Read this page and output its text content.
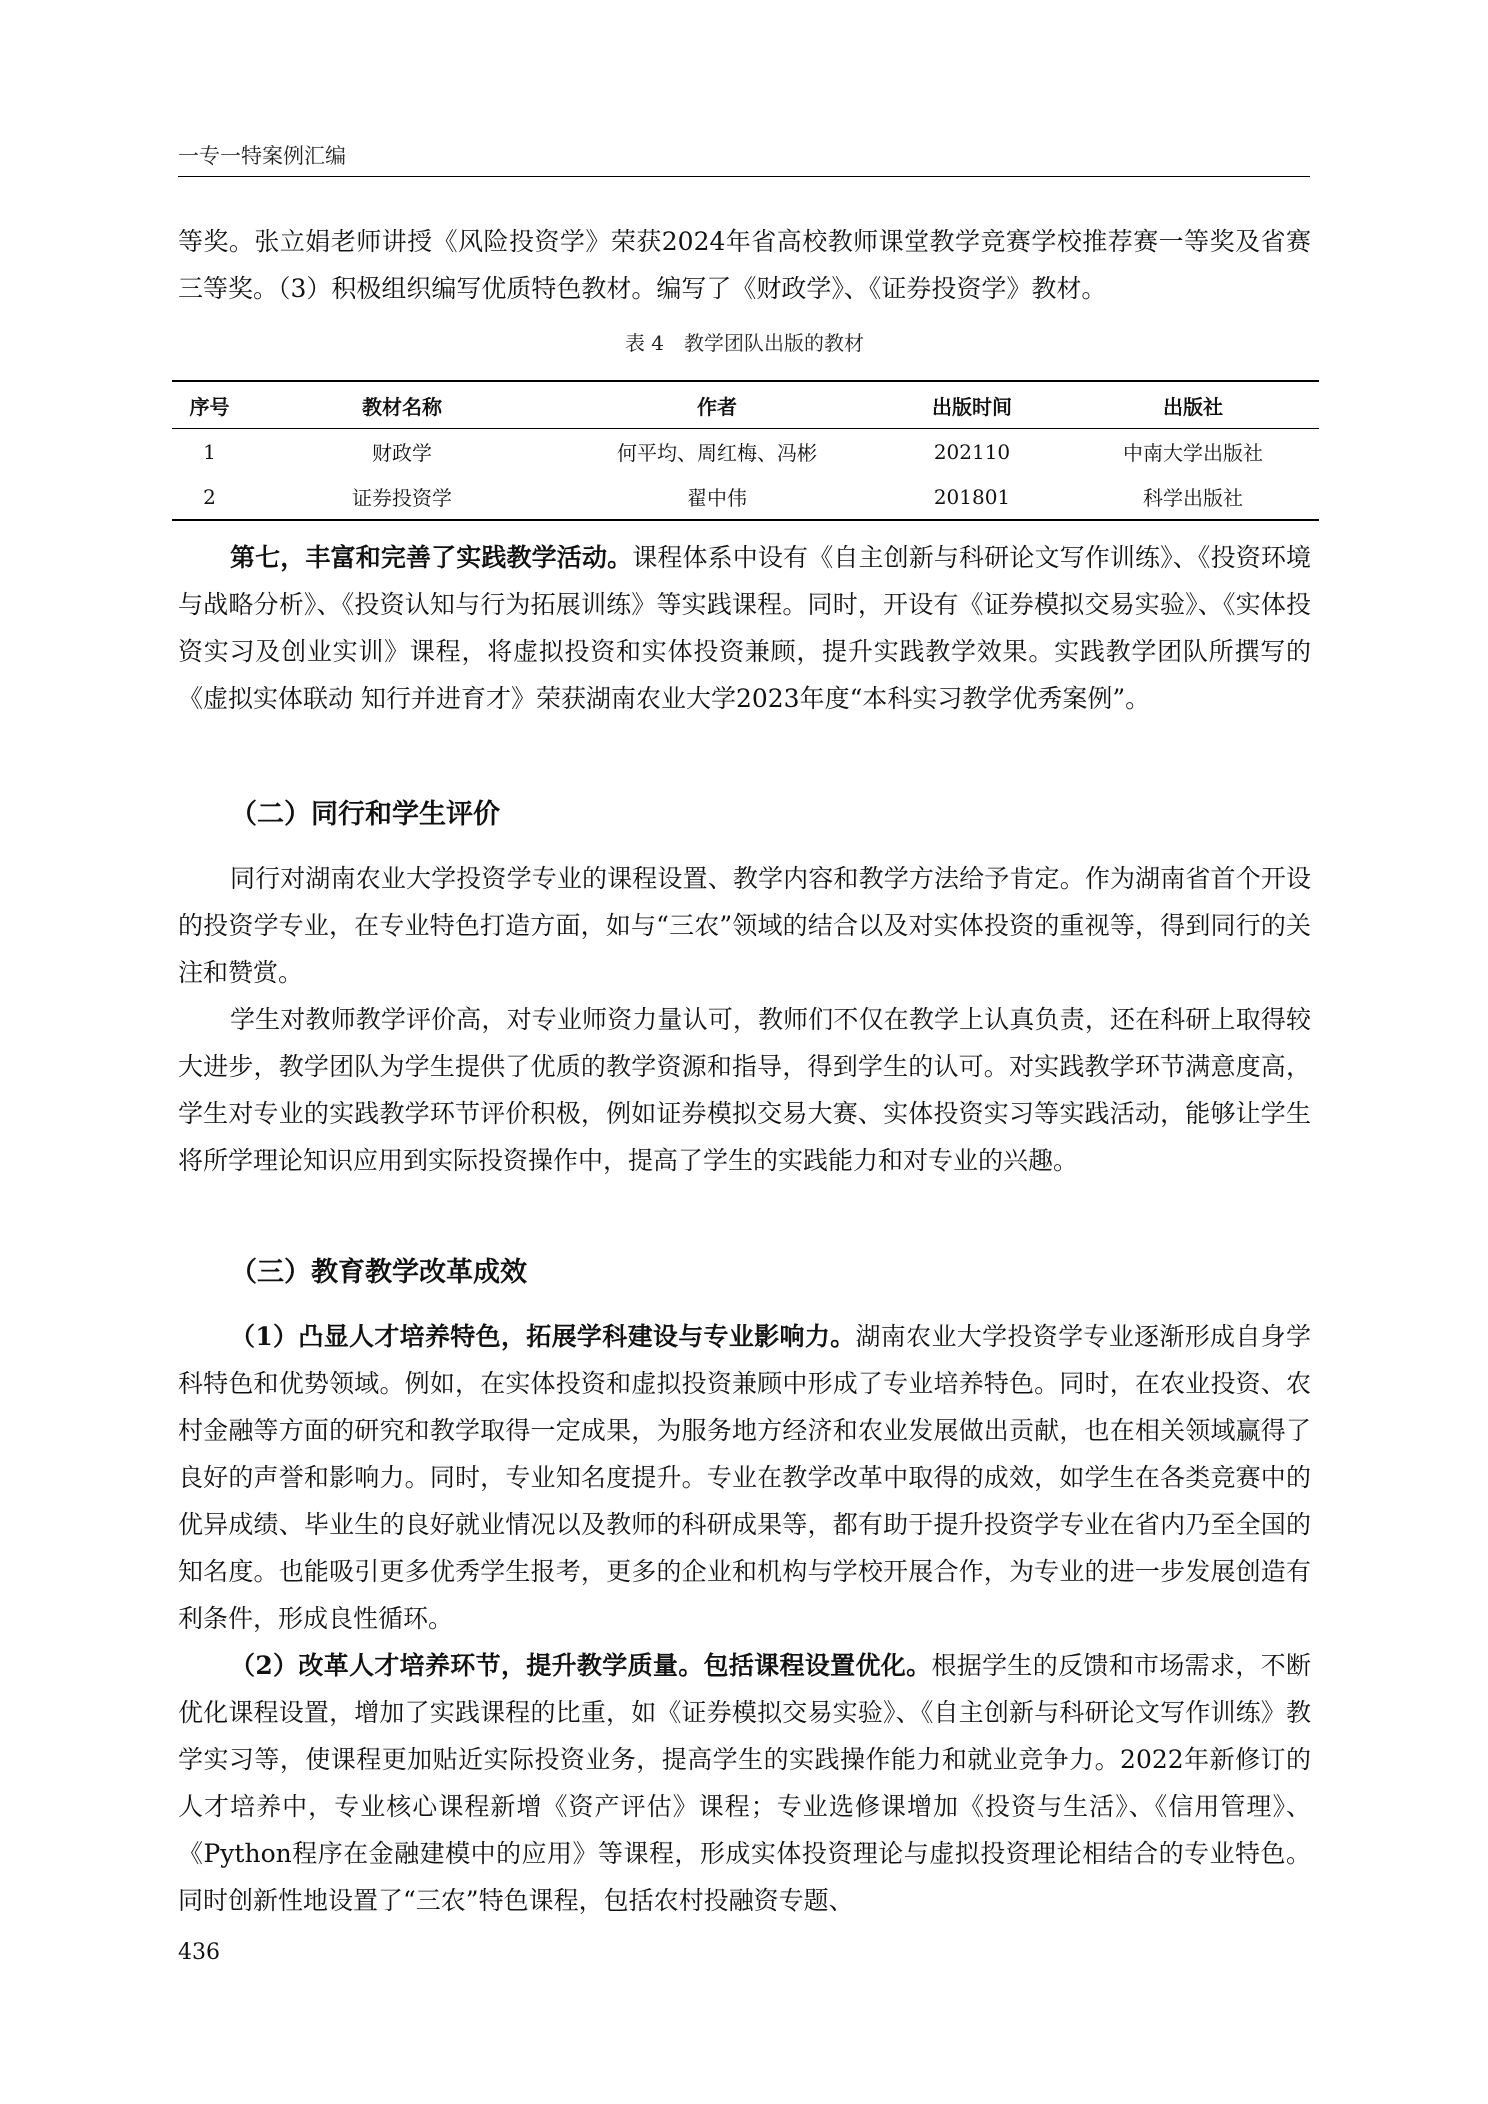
一专一特案例汇编

等奖。张立娟老师讲授《风险投资学》荣获2024年省高校教师课堂教学竞赛学校推荐赛一等奖及省赛三等奖。（3）积极组织编写优质特色教材。编写了《财政学》、《证券投资学》教材。

表 4　教学团队出版的教材
序号	教材名称	作者	出版时间	出版社
1	财政学	何平均、周红梅、冯彬	202110	中南大学出版社
2	证券投资学	翟中伟	201801	科学出版社

第七，丰富和完善了实践教学活动。课程体系中设有《自主创新与科研论文写作训练》、《投资环境与战略分析》、《投资认知与行为拓展训练》等实践课程。同时，开设有《证券模拟交易实验》、《实体投资实习及创业实训》课程，将虚拟投资和实体投资兼顾，提升实践教学效果。实践教学团队所撰写的《虚拟实体联动 知行并进育才》荣获湖南农业大学2023年度“本科实习教学优秀案例”。

（二）同行和学生评价

同行对湖南农业大学投资学专业的课程设置、教学内容和教学方法给予肯定。作为湖南省首个开设的投资学专业，在专业特色打造方面，如与“三农”领域的结合以及对实体投资的重视等，得到同行的关注和赞赏。

学生对教师教学评价高，对专业师资力量认可，教师们不仅在教学上认真负责，还在科研上取得较大进步，教学团队为学生提供了优质的教学资源和指导，得到学生的认可。对实践教学环节满意度高，学生对专业的实践教学环节评价积极，例如证券模拟交易大赛、实体投资实习等实践活动，能够让学生将所学理论知识应用到实际投资操作中，提高了学生的实践能力和对专业的兴趣。

（三）教育教学改革成效

（1）凸显人才培养特色，拓展学科建设与专业影响力。湖南农业大学投资学专业逐渐形成自身学科特色和优势领域。例如，在实体投资和虚拟投资兼顾中形成了专业培养特色。同时，在农业投资、农村金融等方面的研究和教学取得一定成果，为服务地方经济和农业发展做出贡献，也在相关领域赢得了良好的声誉和影响力。同时，专业知名度提升。专业在教学改革中取得的成效，如学生在各类竞赛中的优异成绩、毕业生的良好就业情况以及教师的科研成果等，都有助于提升投资学专业在省内乃至全国的知名度。也能吸引更多优秀学生报考，更多的企业和机构与学校开展合作，为专业的进一步发展创造有利条件，形成良性循环。

（2）改革人才培养环节，提升教学质量。包括课程设置优化。根据学生的反馈和市场需求，不断优化课程设置，增加了实践课程的比重，如《证券模拟交易实验》、《自主创新与科研论文写作训练》教学实习等，使课程更加贴近实际投资业务，提高学生的实践操作能力和就业竞争力。2022年新修订的人才培养中，专业核心课程新增《资产评估》课程；专业选修课增加《投资与生活》、《信用管理》、《Python程序在金融建模中的应用》等课程，形成实体投资理论与虚拟投资理论相结合的专业特色。同时创新性地设置了“三农”特色课程，包括农村投融资专题、

436
